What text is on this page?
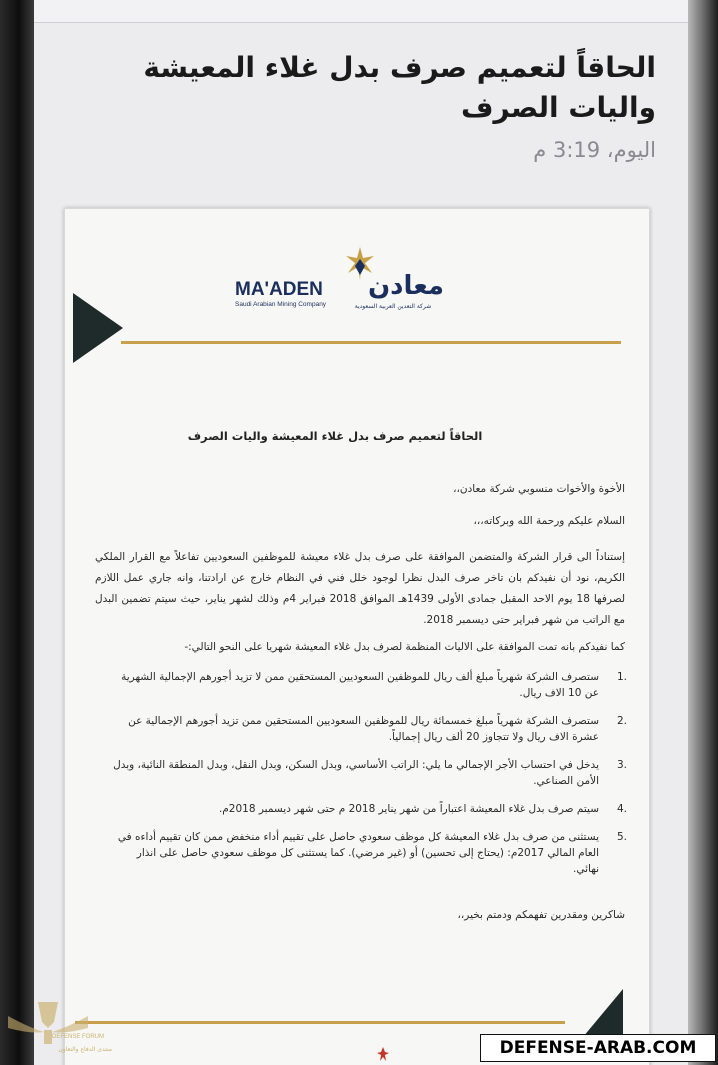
الحاقاً لتعميم صرف بدل غلاء المعيشة واليات الصرف
اليوم، 3:19 م
MA'ADEN
Saudi Arabian Mining Company
معادن
شركة التعدين العربية السعودية
الحاقاً لتعميم صرف بدل غلاء المعيشة واليات الصرف
الأخوة والأخوات منسوبي شركة معادن،،
السلام عليكم ورحمة الله وبركاته،،،
إستناداً الى قرار الشركة والمتضمن الموافقة على صرف بدل غلاء معيشة للموظفين السعوديين تفاعلاً مع القرار الملكي الكريم، نود أن نفيدكم بان تاخر صرف البدل نظرا لوجود خلل فني في النظام خارج عن ارادتنا، وانه جاري عمل اللازم لصرفها 18 يوم الاحد المقبل جمادى الأولى 1439هـ الموافق 2018 فبراير 4م وذلك لشهر يناير، حيث سيتم تضمين البدل مع الراتب من شهر فبراير حتى ديسمبر 2018.
كما نفيدكم بانه تمت الموافقة على الاليات المنظمة لصرف بدل غلاء المعيشة شهريا على النحو التالي:-
.1
ستصرف الشركة شهرياً مبلغ ألف ريال للموظفين السعوديين المستحقين ممن لا تزيد أجورهم الإجمالية الشهرية عن 10 الاف ريال.
.2
ستصرف الشركة شهرياً مبلغ خمسمائة ريال للموظفين السعوديين المستحقين ممن تزيد أجورهم الإجمالية عن عشرة الاف ريال ولا تتجاوز 20 ألف ريال إجمالياً.
.3
يدخل في احتساب الأجر الإجمالي ما يلي: الراتب الأساسي، وبدل السكن، وبدل النقل، وبدل المنطقة النائية، وبدل الأمن الصناعي.
.4
سيتم صرف بدل غلاء المعيشة اعتباراً من شهر يناير 2018 م حتى شهر ديسمبر 2018م.
.5
يستثنى من صرف بدل غلاء المعيشة كل موظف سعودي حاصل على تقييم أداء منخفض ممن كان تقييم أداءه في العام المالي 2017م: (يحتاج إلى تحسين) أو (غير مرضي). كما يستثنى كل موظف سعودي حاصل على انذار نهائي.
شاكرين ومقدرين تفهمكم ودمتم بخير،،
DEFENSE FORUM
منتدى الدفاع والتعاون	DEFENSE-ARAB.COM
